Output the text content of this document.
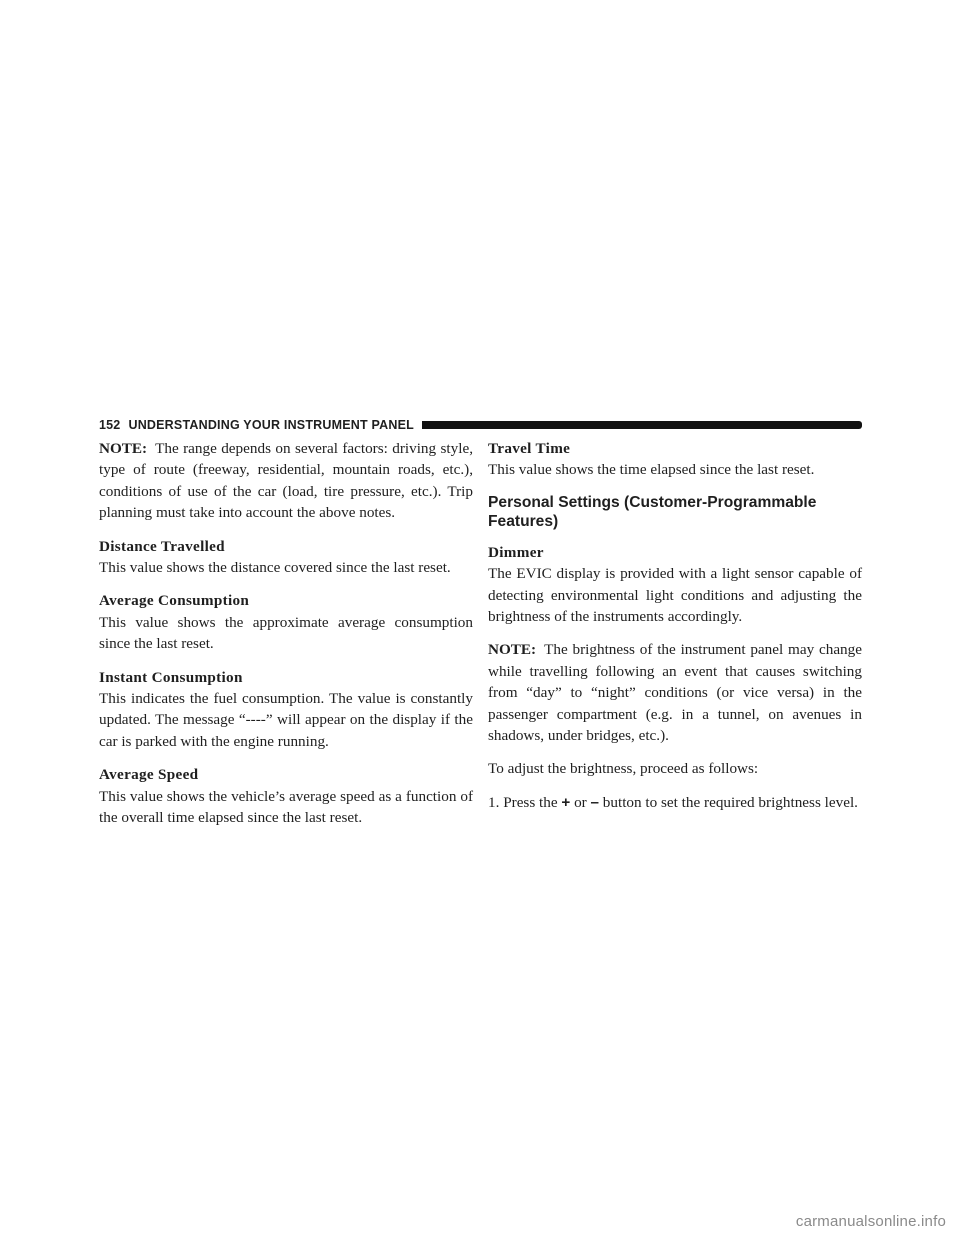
152 UNDERSTANDING YOUR INSTRUMENT PANEL

NOTE: The range depends on several factors: driving style, type of route (freeway, residential, mountain roads, etc.), conditions of use of the car (load, tire pressure, etc.). Trip planning must take into account the above notes.

Distance Travelled

This value shows the distance covered since the last reset.

Average Consumption

This value shows the approximate average consumption since the last reset.

Instant Consumption

This indicates the fuel consumption. The value is constantly updated. The message “----” will appear on the display if the car is parked with the engine running.

Average Speed

This value shows the vehicle’s average speed as a function of the overall time elapsed since the last reset.

Travel Time

This value shows the time elapsed since the last reset.

Personal Settings (Customer-Programmable Features)
Dimmer

The EVIC display is provided with a light sensor capable of detecting environmental light conditions and adjusting the brightness of the instruments accordingly.

NOTE: The brightness of the instrument panel may change while travelling following an event that causes switching from “day” to “night” conditions (or vice versa) in the passenger compartment (e.g. in a tunnel, on avenues in shadows, under bridges, etc.).

To adjust the brightness, proceed as follows:

1. Press the + or – button to set the required brightness level.

carmanualsonline.info
